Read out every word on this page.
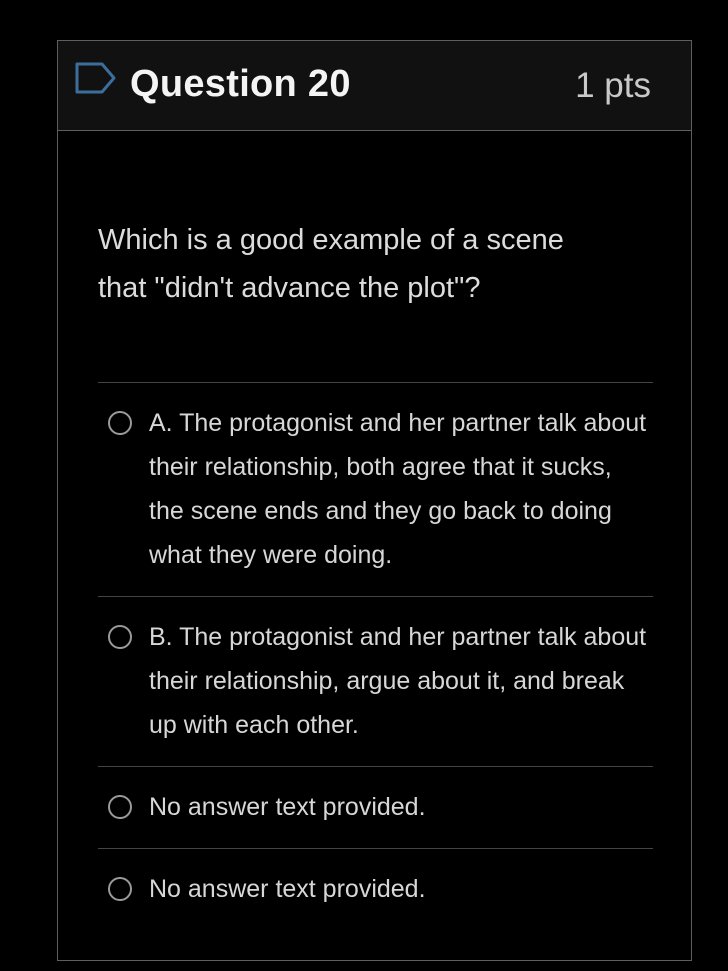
Question 20	1 pts
Which is a good example of a scene that "didn't advance the plot"?
A. The protagonist and her partner talk about their relationship, both agree that it sucks, the scene ends and they go back to doing what they were doing.
B. The protagonist and her partner talk about their relationship, argue about it, and break up with each other.
No answer text provided.
No answer text provided.
